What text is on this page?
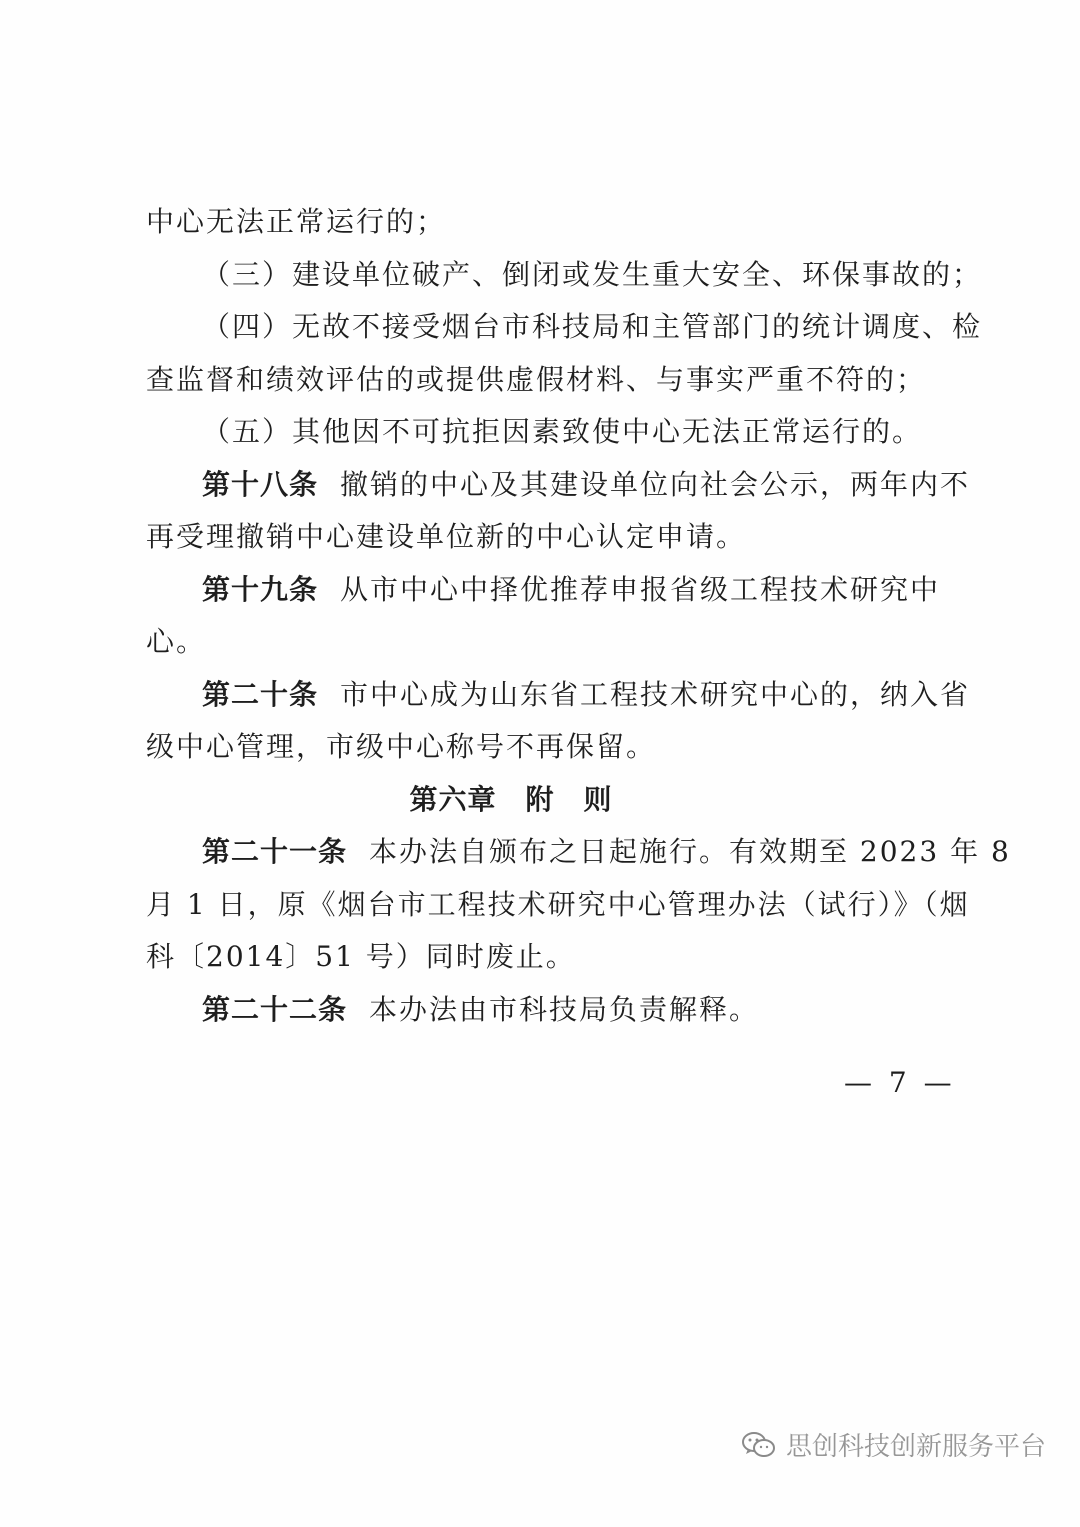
中心无法正常运行的；

（三）建设单位破产、倒闭或发生重大安全、环保事故的；

（四）无故不接受烟台市科技局和主管部门的统计调度、检

查监督和绩效评估的或提供虚假材料、与事实严重不符的；

（五）其他因不可抗拒因素致使中心无法正常运行的。

第十八条 撤销的中心及其建设单位向社会公示，两年内不

再受理撤销中心建设单位新的中心认定申请。

第十九条 从市中心中择优推荐申报省级工程技术研究中

心。

第二十条 市中心成为山东省工程技术研究中心的，纳入省

级中心管理，市级中心称号不再保留。

第六章　附　则

第二十一条 本办法自颁布之日起施行。有效期至 2023 年 8

月 1 日，原《烟台市工程技术研究中心管理办法（试行）》（烟

科〔2014〕51 号）同时废止。

第二十二条 本办法由市科技局负责解释。

— 7 —
思创科技创新服务平台
